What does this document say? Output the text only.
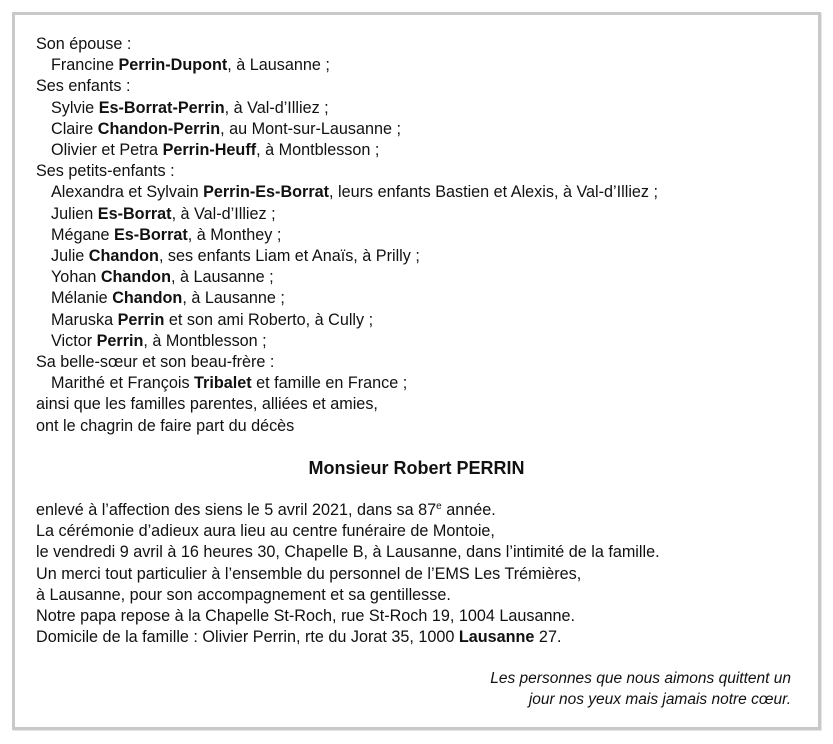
Son épouse :
Francine Perrin-Dupont, à Lausanne ;
Ses enfants :
Sylvie Es-Borrat-Perrin, à Val-d’Illiez ;
Claire Chandon-Perrin, au Mont-sur-Lausanne ;
Olivier et Petra Perrin-Heuff, à Montblesson ;
Ses petits-enfants :
Alexandra et Sylvain Perrin-Es-Borrat, leurs enfants Bastien et Alexis, à Val-d’Illiez ;
Julien Es-Borrat, à Val-d’Illiez ;
Mégane Es-Borrat, à Monthey ;
Julie Chandon, ses enfants Liam et Anaïs, à Prilly ;
Yohan Chandon, à Lausanne ;
Mélanie Chandon, à Lausanne ;
Maruska Perrin et son ami Roberto, à Cully ;
Victor Perrin, à Montblesson ;
Sa belle-sœur et son beau-frère :
Marithé et François Tribalet et famille en France ;
ainsi que les familles parentes, alliées et amies,
ont le chagrin de faire part du décès
Monsieur Robert PERRIN
enlevé à l’affection des siens le 5 avril 2021, dans sa 87e année.
La cérémonie d’adieux aura lieu au centre funéraire de Montoie,
le vendredi 9 avril à 16 heures 30, Chapelle B, à Lausanne, dans l’intimité de la famille.
Un merci tout particulier à l’ensemble du personnel de l’EMS Les Trémières,
à Lausanne, pour son accompagnement et sa gentillesse.
Notre papa repose à la Chapelle St-Roch, rue St-Roch 19, 1004 Lausanne.
Domicile de la famille : Olivier Perrin, rte du Jorat 35, 1000 Lausanne 27.
Les personnes que nous aimons quittent un
jour nos yeux mais jamais notre cœur.
